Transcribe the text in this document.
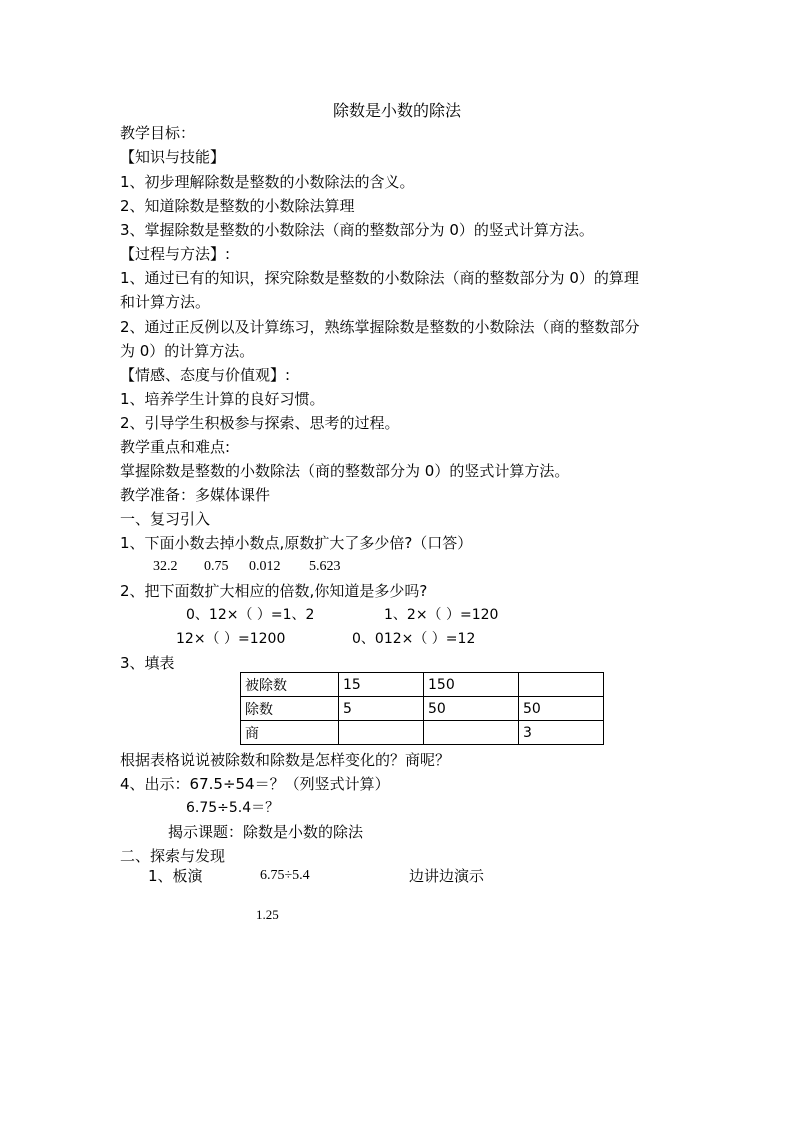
除数是小数的除法
教学目标：
【知识与技能】
1、初步理解除数是整数的小数除法的含义。
2、知道除数是整数的小数除法算理
3、掌握除数是整数的小数除法（商的整数部分为 0）的竖式计算方法。
【过程与方法】:
1、通过已有的知识，探究除数是整数的小数除法（商的整数部分为 0）的算理
和计算方法。
2、通过正反例以及计算练习，熟练掌握除数是整数的小数除法（商的整数部分
为 0）的计算方法。
【情感、态度与价值观】:
1、培养学生计算的良好习惯。
2、引导学生积极参与探索、思考的过程。
教学重点和难点:
掌握除数是整数的小数除法（商的整数部分为 0）的竖式计算方法。
教学准备：多媒体课件
一、复习引入
1、下面小数去掉小数点,原数扩大了多少倍?（口答）
32.2 0.75 0.012 5.623
2、把下面数扩大相应的倍数,你知道是多少吗?
0、12×（ ）=1、2	1、2×（ ）=120
12×（ ）=1200	0、012×（ ）=12
3、填表
被除数	15	150	
除数	5	50	50
商			3
根据表格说说被除数和除数是怎样变化的？商呢？
4、出示：67.5÷54＝？（列竖式计算）
6.75÷5.4＝？
揭示课题：除数是小数的除法
二、探索与发现
1、板演	6.75÷5.4	边讲边演示
1.25
